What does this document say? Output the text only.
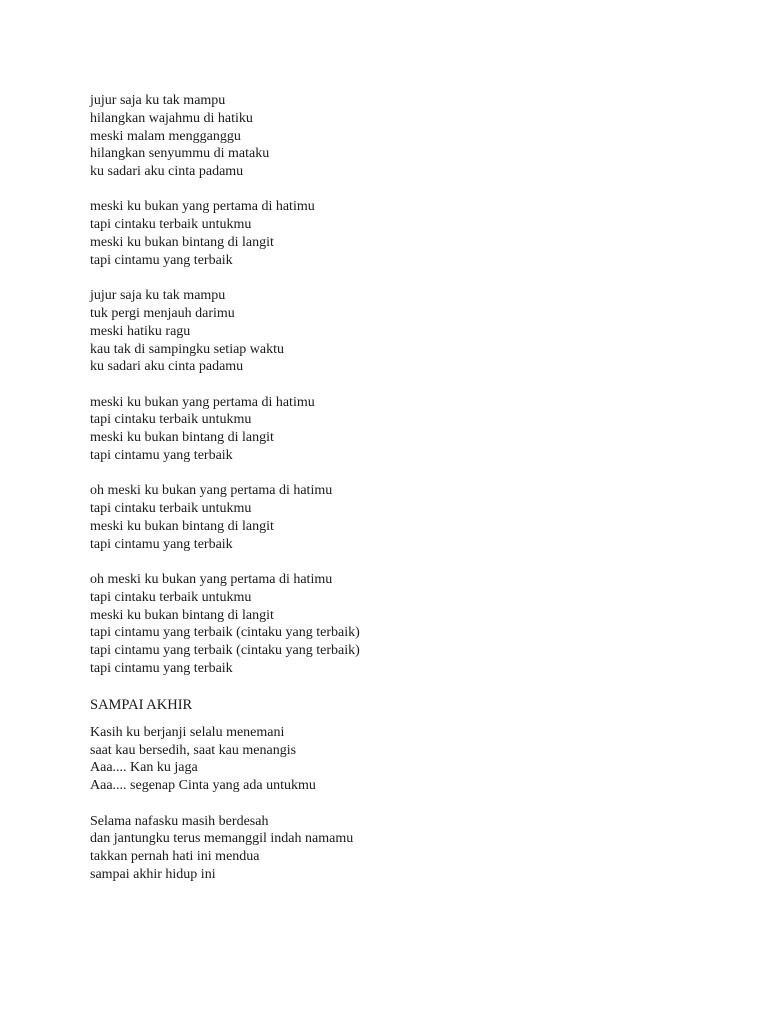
jujur saja ku tak mampu
hilangkan wajahmu di hatiku
meski malam mengganggu
hilangkan senyummu di mataku
ku sadari aku cinta padamu
meski ku bukan yang pertama di hatimu
tapi cintaku terbaik untukmu
meski ku bukan bintang di langit
tapi cintamu yang terbaik
jujur saja ku tak mampu
tuk pergi menjauh darimu
meski hatiku ragu
kau tak di sampingku setiap waktu
ku sadari aku cinta padamu
meski ku bukan yang pertama di hatimu
tapi cintaku terbaik untukmu
meski ku bukan bintang di langit
tapi cintamu yang terbaik
oh meski ku bukan yang pertama di hatimu
tapi cintaku terbaik untukmu
meski ku bukan bintang di langit
tapi cintamu yang terbaik
oh meski ku bukan yang pertama di hatimu
tapi cintaku terbaik untukmu
meski ku bukan bintang di langit
tapi cintamu yang terbaik (cintaku yang terbaik)
tapi cintamu yang terbaik (cintaku yang terbaik)
tapi cintamu yang terbaik
SAMPAI AKHIR
Kasih ku berjanji selalu menemani
saat kau bersedih, saat kau menangis
Aaa.... Kan ku jaga
Aaa.... segenap Cinta yang ada untukmu
Selama nafasku masih berdesah
dan jantungku terus memanggil indah namamu
takkan pernah hati ini mendua
sampai akhir hidup ini
